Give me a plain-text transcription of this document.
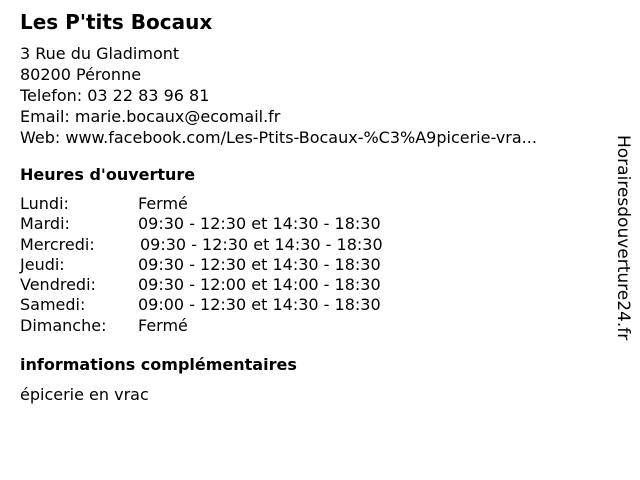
Les P'tits Bocaux
3 Rue du Gladimont
80200 Péronne
Telefon: 03 22 83 96 81
Email: marie.bocaux@ecomail.fr
Web: www.facebook.com/Les-Ptits-Bocaux-%C3%A9picerie-vra...
Heures d'ouverture
Lundi:	Fermé
Mardi:	09:30 - 12:30 et 14:30 - 18:30
Mercredi:	09:30 - 12:30 et 14:30 - 18:30
Jeudi:	09:30 - 12:30 et 14:30 - 18:30
Vendredi:	09:30 - 12:00 et 14:00 - 18:30
Samedi:	09:00 - 12:30 et 14:30 - 18:30
Dimanche: Fermé
informations complémentaires
épicerie en vrac
Horairesdouverture24.fr
